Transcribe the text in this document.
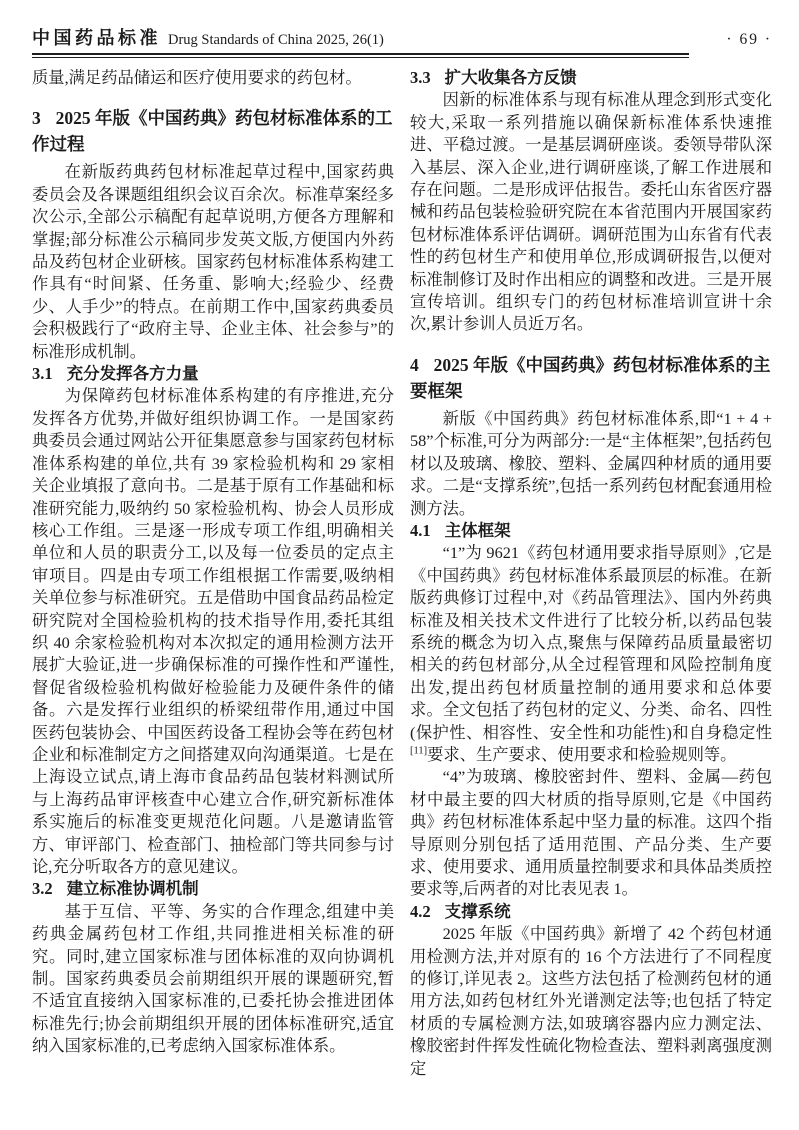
中国药品标准 Drug Standards of China 2025, 26(1)	· 69 ·

质量,满足药品储运和医疗使用要求的药包材。

3 2025 年版《中国药典》药包材标准体系的工作过程

在新版药典药包材标准起草过程中,国家药典委员会及各课题组组织会议百余次。标准草案经多次公示,全部公示稿配有起草说明,方便各方理解和掌握;部分标准公示稿同步发英文版,方便国内外药品及药包材企业研核。国家药包材标准体系构建工作具有“时间紧、任务重、影响大;经验少、经费少、人手少”的特点。在前期工作中,国家药典委员会积极践行了“政府主导、企业主体、社会参与”的标准形成机制。

3.1 充分发挥各方力量

为保障药包材标准体系构建的有序推进,充分发挥各方优势,并做好组织协调工作。一是国家药典委员会通过网站公开征集愿意参与国家药包材标准体系构建的单位,共有 39 家检验机构和 29 家相关企业填报了意向书。二是基于原有工作基础和标准研究能力,吸纳约 50 家检验机构、协会人员形成核心工作组。三是逐一形成专项工作组,明确相关单位和人员的职责分工,以及每一位委员的定点主审项目。四是由专项工作组根据工作需要,吸纳相关单位参与标准研究。五是借助中国食品药品检定研究院对全国检验机构的技术指导作用,委托其组织 40 余家检验机构对本次拟定的通用检测方法开展扩大验证,进一步确保标准的可操作性和严谨性,督促省级检验机构做好检验能力及硬件条件的储备。六是发挥行业组织的桥梁纽带作用,通过中国医药包装协会、中国医药设备工程协会等在药包材企业和标准制定方之间搭建双向沟通渠道。七是在上海设立试点,请上海市食品药品包装材料测试所与上海药品审评核查中心建立合作,研究新标准体系实施后的标准变更规范化问题。八是邀请监管方、审评部门、检查部门、抽检部门等共同参与讨论,充分听取各方的意见建议。

3.2 建立标准协调机制

基于互信、平等、务实的合作理念,组建中美药典金属药包材工作组,共同推进相关标准的研究。同时,建立国家标准与团体标准的双向协调机制。国家药典委员会前期组织开展的课题研究,暂不适宜直接纳入国家标准的,已委托协会推进团体标准先行;协会前期组织开展的团体标准研究,适宜纳入国家标准的,已考虑纳入国家标准体系。

3.3 扩大收集各方反馈

因新的标准体系与现有标准从理念到形式变化较大,采取一系列措施以确保新标准体系快速推进、平稳过渡。一是基层调研座谈。委领导带队深入基层、深入企业,进行调研座谈,了解工作进展和存在问题。二是形成评估报告。委托山东省医疗器械和药品包装检验研究院在本省范围内开展国家药包材标准体系评估调研。调研范围为山东省有代表性的药包材生产和使用单位,形成调研报告,以便对标准制修订及时作出相应的调整和改进。三是开展宣传培训。组织专门的药包材标准培训宣讲十余次,累计参训人员近万名。

4 2025 年版《中国药典》药包材标准体系的主要框架

新版《中国药典》药包材标准体系,即“1 + 4 + 58”个标准,可分为两部分:一是“主体框架”,包括药包材以及玻璃、橡胶、塑料、金属四种材质的通用要求。二是“支撑系统”,包括一系列药包材配套通用检测方法。

4.1 主体框架

“1”为 9621《药包材通用要求指导原则》,它是《中国药典》药包材标准体系最顶层的标准。在新版药典修订过程中,对《药品管理法》、国内外药典标准及相关技术文件进行了比较分析,以药品包装系统的概念为切入点,聚焦与保障药品质量最密切相关的药包材部分,从全过程管理和风险控制角度出发,提出药包材质量控制的通用要求和总体要求。全文包括了药包材的定义、分类、命名、四性(保护性、相容性、安全性和功能性)和自身稳定性[11]要求、生产要求、使用要求和检验规则等。

“4”为玻璃、橡胶密封件、塑料、金属—药包材中最主要的四大材质的指导原则,它是《中国药典》药包材标准体系起中坚力量的标准。这四个指导原则分别包括了适用范围、产品分类、生产要求、使用要求、通用质量控制要求和具体品类质控要求等,后两者的对比表见表 1。

4.2 支撑系统

2025 年版《中国药典》新增了 42 个药包材通用检测方法,并对原有的 16 个方法进行了不同程度的修订,详见表 2。这些方法包括了检测药包材的通用方法,如药包材红外光谱测定法等;也包括了特定材质的专属检测方法,如玻璃容器内应力测定法、橡胶密封件挥发性硫化物检查法、塑料剥离强度测定
